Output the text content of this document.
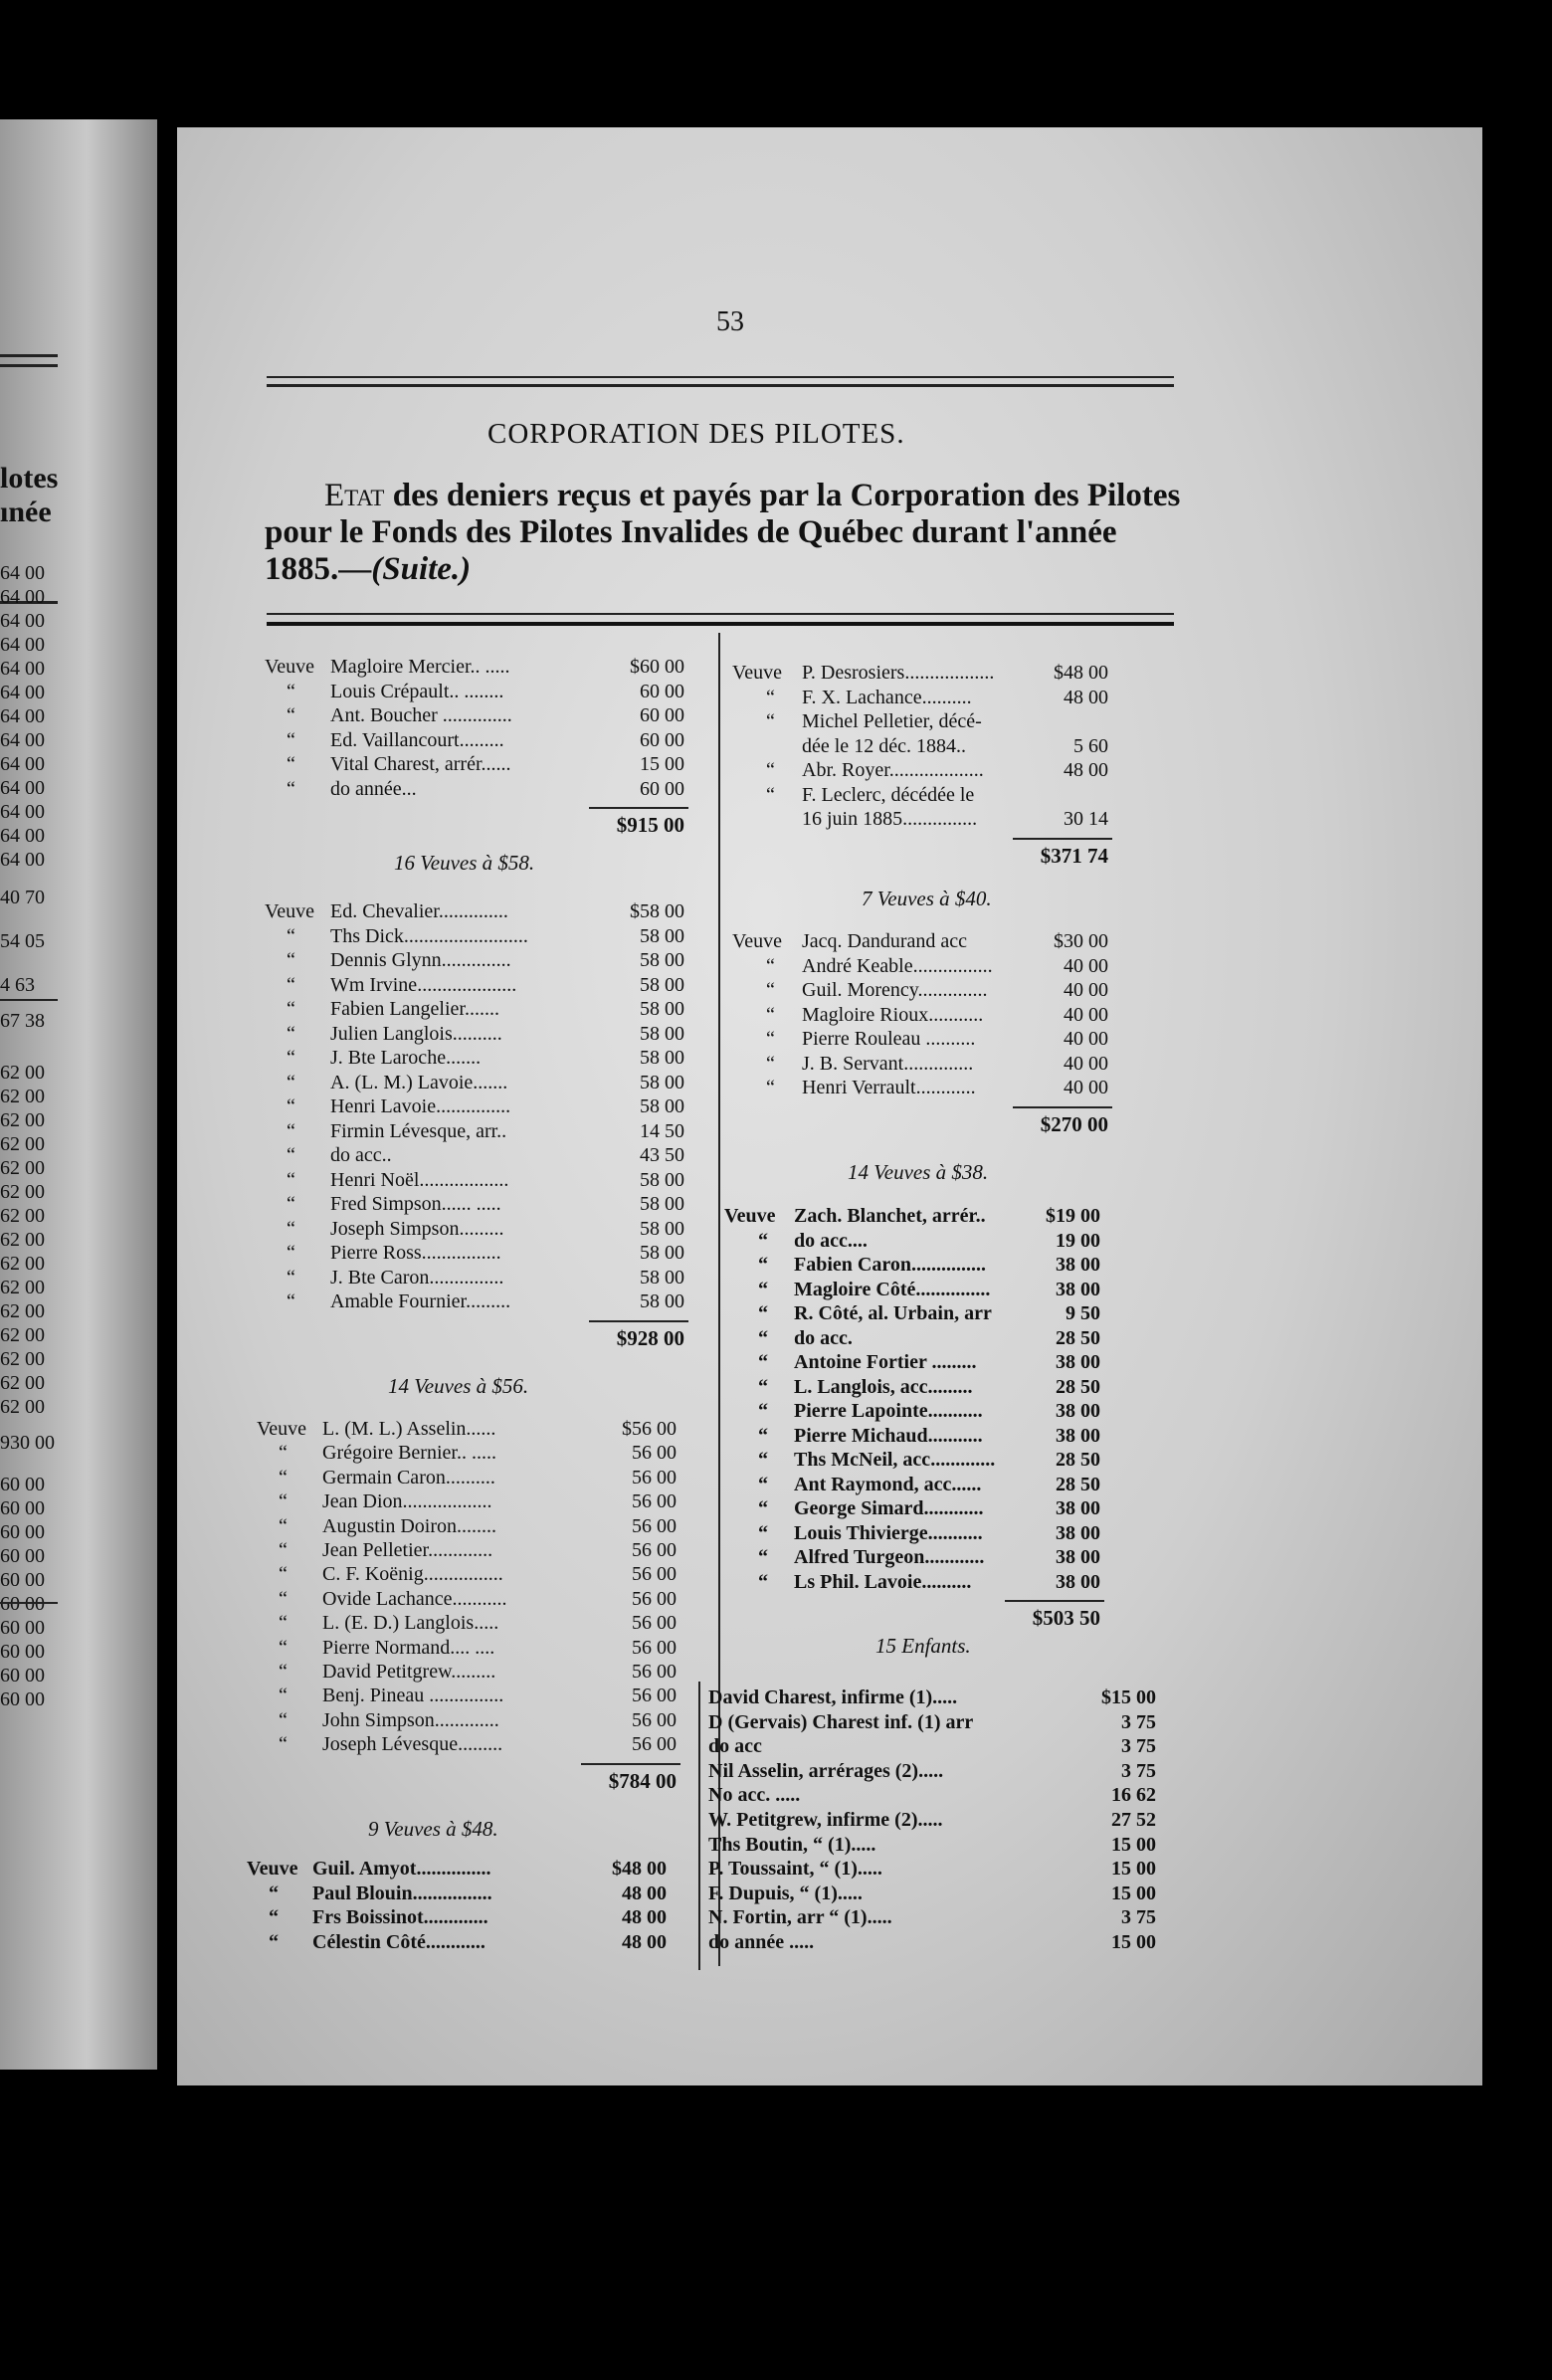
lotes
ınée
64 00
64 00
64 00
64 00
64 00
64 00
64 00
64 00
64 00
64 00
64 00
64 00
64 00
40 70
54 05
4 63
67 38
62 00
62 00
62 00
62 00
62 00
62 00
62 00
62 00
62 00
62 00
62 00
62 00
62 00
62 00
62 00
930 00
60 00
60 00
60 00
60 00
60 00
60 00
60 00
60 00
60 00
60 00
53
CORPORATION DES PILOTES.
Etat des deniers reçus et payés par la Corporation des Pilotes pour le Fonds des Pilotes Invalides de Québec durant l'année 1885.—(Suite.)
Veuve Magloire Mercier.. .....	$60 00
“ Louis Crépault.. ........	60 00
“ Ant. Boucher ..............	60 00
“ Ed. Vaillancourt.........	60 00
“ Vital Charest, arrér......	15 00
“ do année...	60 00
$915 00
16 Veuves à $58.
Veuve Ed. Chevalier..............	$58 00
“ Ths Dick.........................	58 00
“ Dennis Glynn..............	58 00
“ Wm Irvine....................	58 00
“ Fabien Langelier.......	58 00
“ Julien Langlois..........	58 00
“ J. Bte Laroche.......	58 00
“ A. (L. M.) Lavoie.......	58 00
“ Henri Lavoie...............	58 00
“ Firmin Lévesque, arr..	14 50
“ do acc..	43 50
“ Henri Noël..................	58 00
“ Fred Simpson...... .....	58 00
“ Joseph Simpson.........	58 00
“ Pierre Ross................	58 00
“ J. Bte Caron...............	58 00
“ Amable Fournier.........	58 00
$928 00
14 Veuves à $56.
Veuve L. (M. L.) Asselin......	$56 00
“ Grégoire Bernier.. .....	56 00
“ Germain Caron..........	56 00
“ Jean Dion..................	56 00
“ Augustin Doiron........	56 00
“ Jean Pelletier.............	56 00
“ C. F. Koënig................	56 00
“ Ovide Lachance...........	56 00
“ L. (E. D.) Langlois.....	56 00
“ Pierre Normand.... ....	56 00
“ David Petitgrew.........	56 00
“ Benj. Pineau ...............	56 00
“ John Simpson.............	56 00
“ Joseph Lévesque.........	56 00
$784 00
9 Veuves à $48.
Veuve Guil. Amyot...............	$48 00
“ Paul Blouin................	48 00
“ Frs Boissinot.............	48 00
“ Célestin Côté............	48 00
Veuve P. Desrosiers..................	$48 00
“ F. X. Lachance..........	48 00
“ Michel Pelletier, décé-
dée le 12 déc. 1884..	5 60
“ Abr. Royer...................	48 00
“ F. Leclerc, décédée le
16 juin 1885...............	30 14
$371 74
7 Veuves à $40.
Veuve Jacq. Dandurand acc	$30 00
“ André Keable................	40 00
“ Guil. Morency..............	40 00
“ Magloire Rioux...........	40 00
“ Pierre Rouleau ..........	40 00
“ J. B. Servant..............	40 00
“ Henri Verrault............	40 00
$270 00
14 Veuves à $38.
Veuve Zach. Blanchet, arrér..	$19 00
“ do acc....	19 00
“ Fabien Caron...............	38 00
“ Magloire Côté...............	38 00
“ R. Côté, al. Urbain, arr	9 50
“ do acc.	28 50
“ Antoine Fortier .........	38 00
“ L. Langlois, acc.........	28 50
“ Pierre Lapointe...........	38 00
“ Pierre Michaud...........	38 00
“ Ths McNeil, acc.............	28 50
“ Ant Raymond, acc......	28 50
“ George Simard............	38 00
“ Louis Thivierge...........	38 00
“ Alfred Turgeon............	38 00
“ Ls Phil. Lavoie..........	38 00
$503 50
15 Enfants.
David Charest, infirme (1).....	$15 00
D (Gervais) Charest inf. (1) arr	3 75
do acc	3 75
Nil Asselin, arrérages (2).....	3 75
No acc. .....	16 62
W. Petitgrew, infirme (2).....	27 52
Ths Boutin, “ (1).....	15 00
P. Toussaint, “ (1).....	15 00
F. Dupuis, “ (1).....	15 00
N. Fortin, arr “ (1).....	3 75
do année .....	15 00
